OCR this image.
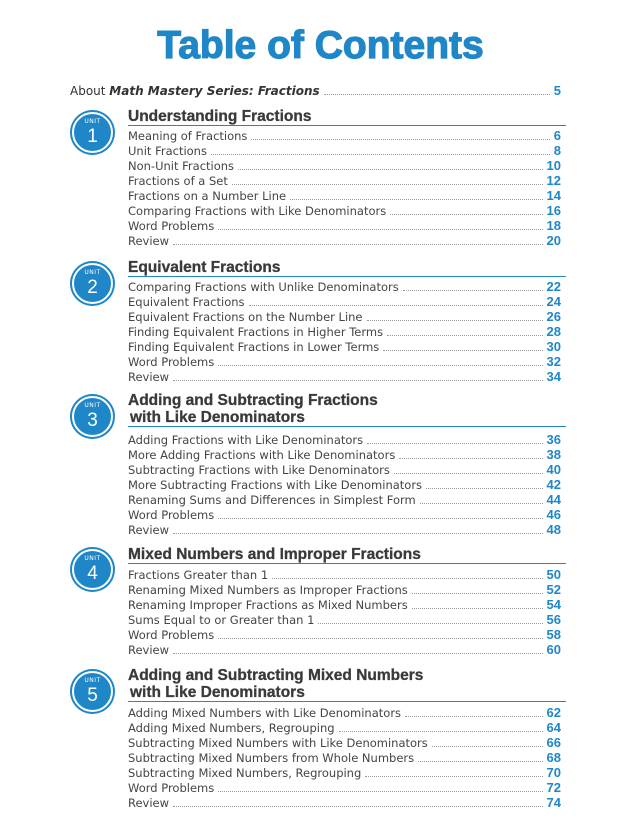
Table of Contents
About Math Mastery Series: Fractions	5
UNIT
1
Understanding Fractions
Meaning of Fractions	6
Unit Fractions	8
Non-Unit Fractions	10
Fractions of a Set	12
Fractions on a Number Line	14
Comparing Fractions with Like Denominators	16
Word Problems	18
Review	20
UNIT
2
Equivalent Fractions
Comparing Fractions with Unlike Denominators	22
Equivalent Fractions	24
Equivalent Fractions on the Number Line	26
Finding Equivalent Fractions in Higher Terms	28
Finding Equivalent Fractions in Lower Terms	30
Word Problems	32
Review	34
UNIT
3
Adding and Subtracting Fractions
with Like Denominators
Adding Fractions with Like Denominators	36
More Adding Fractions with Like Denominators	38
Subtracting Fractions with Like Denominators	40
More Subtracting Fractions with Like Denominators	42
Renaming Sums and Differences in Simplest Form	44
Word Problems	46
Review	48
UNIT
4
Mixed Numbers and Improper Fractions
Fractions Greater than 1	50
Renaming Mixed Numbers as Improper Fractions	52
Renaming Improper Fractions as Mixed Numbers	54
Sums Equal to or Greater than 1	56
Word Problems	58
Review	60
UNIT
5
Adding and Subtracting Mixed Numbers
with Like Denominators
Adding Mixed Numbers with Like Denominators	62
Adding Mixed Numbers, Regrouping	64
Subtracting Mixed Numbers with Like Denominators	66
Subtracting Mixed Numbers from Whole Numbers	68
Subtracting Mixed Numbers, Regrouping	70
Word Problems	72
Review	74
